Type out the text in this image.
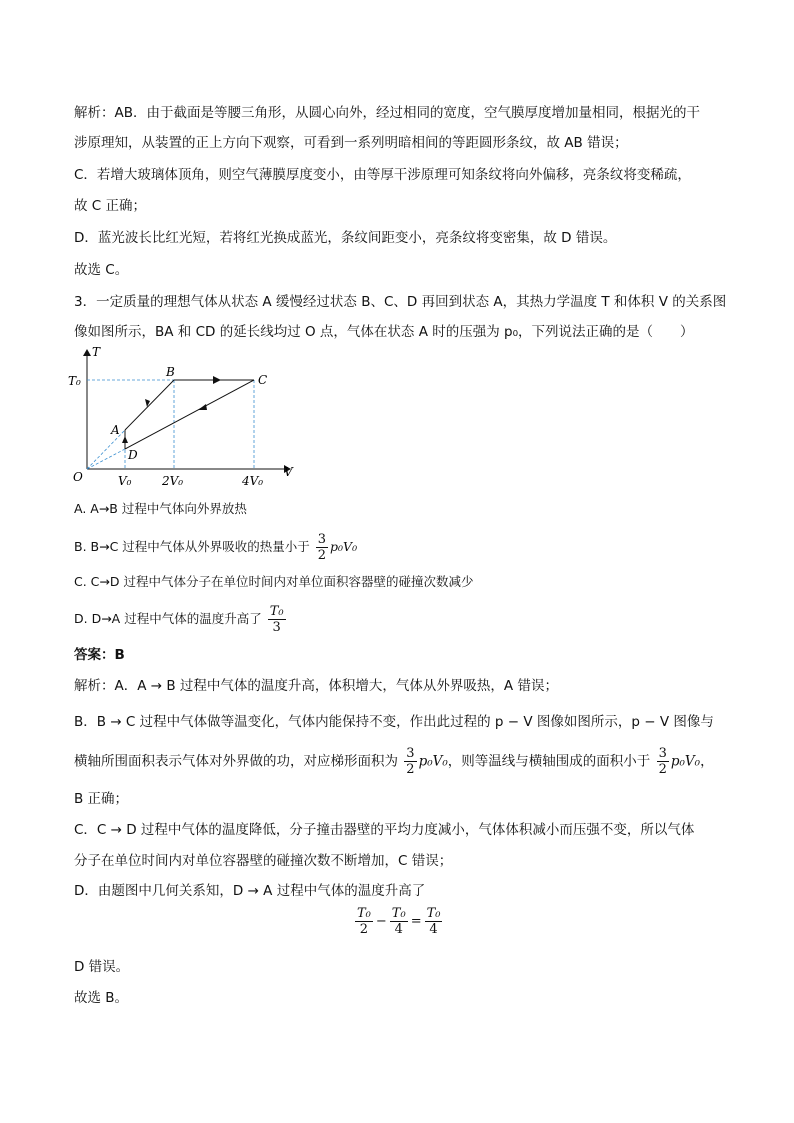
解析：AB．由于截面是等腰三角形，从圆心向外，经过相同的宽度，空气膜厚度增加量相同，根据光的干
涉原理知，从装置的正上方向下观察，可看到一系列明暗相间的等距圆形条纹，故 AB 错误；
C．若增大玻璃体顶角，则空气薄膜厚度变小，由等厚干涉原理可知条纹将向外偏移，亮条纹将变稀疏，
故 C 正确；
D．蓝光波长比红光短，若将红光换成蓝光，条纹间距变小，亮条纹将变密集，故 D 错误。
故选 C。
3．一定质量的理想气体从状态 A 缓慢经过状态 B、C、D 再回到状态 A，其热力学温度 T 和体积 V 的关系图
像如图所示，BA 和 CD 的延长线均过 O 点，气体在状态 A 时的压强为 p₀，下列说法正确的是（　　）
T
V
O
T₀
V₀	2V₀	4V₀
A
B
C
D
A. A→B 过程中气体向外界放热
B. B→C 过程中气体从外界吸收的热量小于 $\frac{3}{2} p_0V_0$
C. C→D 过程中气体分子在单位时间内对单位面积容器壁的碰撞次数减少
D. D→A 过程中气体的温度升高了 $\frac{\text{T₀}}{3}$
答案：B
解析：A．A → B 过程中气体的温度升高，体积增大，气体从外界吸热，A 错误；
B．B → C 过程中气体做等温变化，气体内能保持不变，作出此过程的 p − V 图像如图所示，p − V 图像与
横轴所围面积表示气体对外界做的功，对应梯形面积为 $\frac{3}{2} p_0V_0$，则等温线与横轴围成的面积小于 $\frac{3}{2} p_0V_0$，
B 正确；
C．C → D 过程中气体的温度降低，分子撞击器壁的平均力度减小，气体体积减小而压强不变，所以气体
分子在单位时间内对单位容器壁的碰撞次数不断增加，C 错误；
D．由题图中几何关系知，D → A 过程中气体的温度升高了
$\frac{\text{T₀}}{2} - \frac{\text{T₀}}{4} = \frac{\text{T₀}}{4}$
D 错误。
故选 B。
